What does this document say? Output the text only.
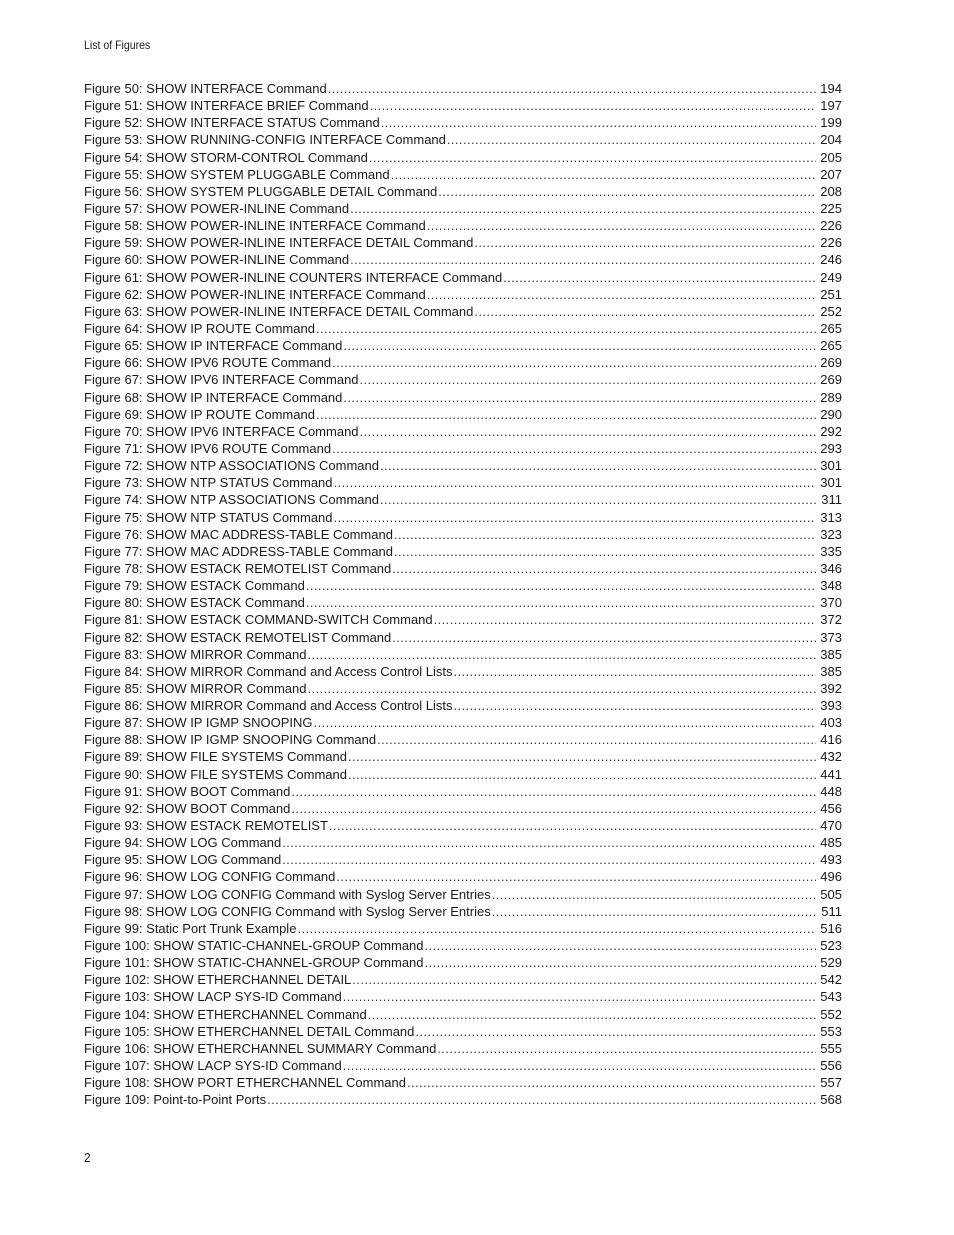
List of Figures
Figure 50: SHOW INTERFACE Command .....	194
Figure 51: SHOW INTERFACE BRIEF Command .....	197
Figure 52: SHOW INTERFACE STATUS Command .....	199
Figure 53: SHOW RUNNING-CONFIG INTERFACE Command .....	204
Figure 54: SHOW STORM-CONTROL Command .....	205
Figure 55: SHOW SYSTEM PLUGGABLE Command .....	207
Figure 56: SHOW SYSTEM PLUGGABLE DETAIL Command .....	208
Figure 57: SHOW POWER-INLINE Command .....	225
Figure 58: SHOW POWER-INLINE INTERFACE Command .....	226
Figure 59: SHOW POWER-INLINE INTERFACE DETAIL Command .....	226
Figure 60: SHOW POWER-INLINE Command .....	246
Figure 61: SHOW POWER-INLINE COUNTERS INTERFACE Command .....	249
Figure 62: SHOW POWER-INLINE INTERFACE Command .....	251
Figure 63: SHOW POWER-INLINE INTERFACE DETAIL Command .....	252
Figure 64: SHOW IP ROUTE Command .....	265
Figure 65: SHOW IP INTERFACE Command .....	265
Figure 66: SHOW IPV6 ROUTE Command .....	269
Figure 67: SHOW IPV6 INTERFACE Command .....	269
Figure 68: SHOW IP INTERFACE Command .....	289
Figure 69: SHOW IP ROUTE Command .....	290
Figure 70: SHOW IPV6 INTERFACE Command .....	292
Figure 71: SHOW IPV6 ROUTE Command .....	293
Figure 72: SHOW NTP ASSOCIATIONS Command .....	301
Figure 73: SHOW NTP STATUS Command .....	301
Figure 74: SHOW NTP ASSOCIATIONS Command .....	311
Figure 75: SHOW NTP STATUS Command .....	313
Figure 76: SHOW MAC ADDRESS-TABLE Command .....	323
Figure 77: SHOW MAC ADDRESS-TABLE Command .....	335
Figure 78: SHOW ESTACK REMOTELIST Command .....	346
Figure 79: SHOW ESTACK Command .....	348
Figure 80: SHOW ESTACK Command .....	370
Figure 81: SHOW ESTACK COMMAND-SWITCH Command .....	372
Figure 82: SHOW ESTACK REMOTELIST Command .....	373
Figure 83: SHOW MIRROR Command .....	385
Figure 84: SHOW MIRROR Command and Access Control Lists .....	385
Figure 85: SHOW MIRROR Command .....	392
Figure 86: SHOW MIRROR Command and Access Control Lists .....	393
Figure 87: SHOW IP IGMP SNOOPING .....	403
Figure 88: SHOW IP IGMP SNOOPING Command .....	416
Figure 89: SHOW FILE SYSTEMS Command .....	432
Figure 90: SHOW FILE SYSTEMS Command .....	441
Figure 91: SHOW BOOT Command .....	448
Figure 92: SHOW BOOT Command .....	456
Figure 93: SHOW ESTACK REMOTELIST .....	470
Figure 94: SHOW LOG Command .....	485
Figure 95: SHOW LOG Command .....	493
Figure 96: SHOW LOG CONFIG Command .....	496
Figure 97: SHOW LOG CONFIG Command with Syslog Server Entries .....	505
Figure 98: SHOW LOG CONFIG Command with Syslog Server Entries .....	511
Figure 99: Static Port Trunk Example .....	516
Figure 100: SHOW STATIC-CHANNEL-GROUP Command .....	523
Figure 101: SHOW STATIC-CHANNEL-GROUP Command .....	529
Figure 102: SHOW ETHERCHANNEL DETAIL .....	542
Figure 103: SHOW LACP SYS-ID Command .....	543
Figure 104: SHOW ETHERCHANNEL Command .....	552
Figure 105: SHOW ETHERCHANNEL DETAIL Command .....	553
Figure 106: SHOW ETHERCHANNEL SUMMARY Command .....	555
Figure 107: SHOW LACP SYS-ID Command .....	556
Figure 108: SHOW PORT ETHERCHANNEL Command .....	557
Figure 109: Point-to-Point Ports .....	568
2
